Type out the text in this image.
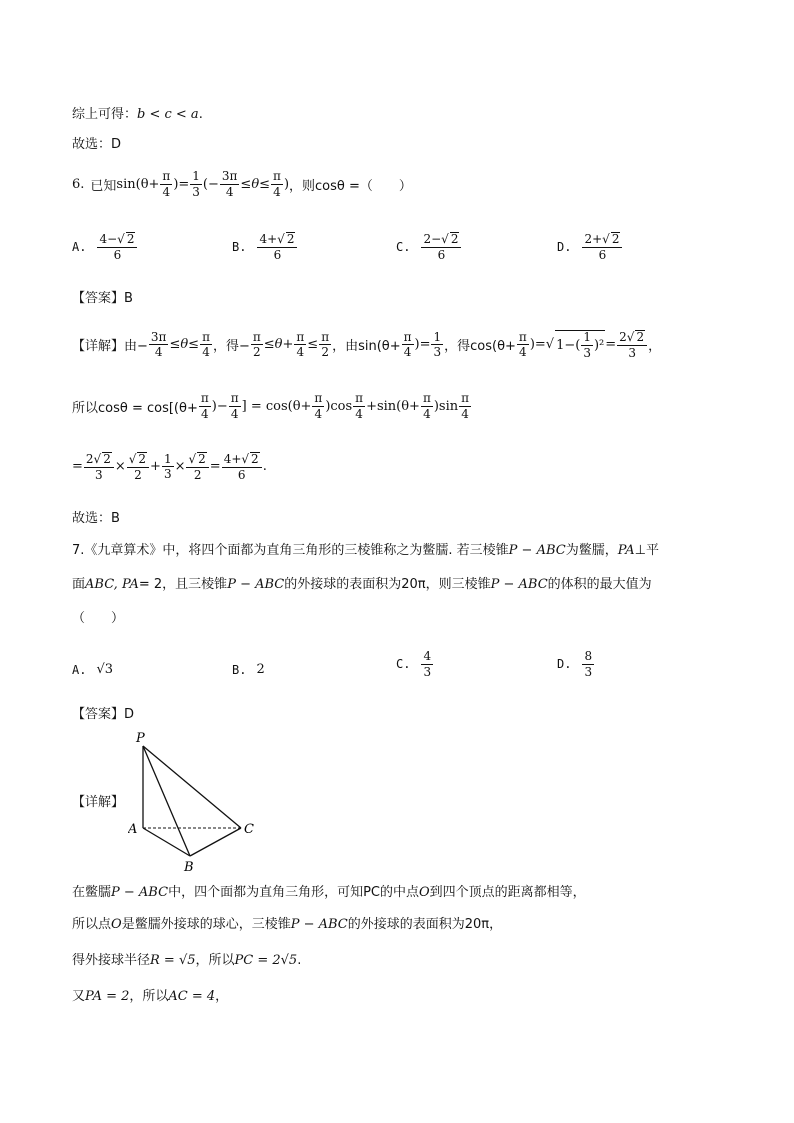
综上可得：b < c < a.
故选：D
6. 已知 $\sin(\theta+ \frac{\pi}{4}$ )= $\frac{1}{3}$ (− $\frac{3\pi}{4} \le\theta\le \frac{\pi}{4}$ ) ，则cosθ =（　　）
A. $\frac{4-√ 2}{6}$	B. $\frac{4+√ 2}{6}$	C. $\frac{2-√ 2}{6}$	D. $\frac{2+√ 2}{6}$
【答案】B
【详解】 由− $\frac{3\pi}{4} \le\theta\le \frac{\pi}{4}$ ，得− $\frac{\pi}{2} \le\theta+ \frac{\pi}{4} \le \frac{\pi}{2}$ ，由$\sin(\theta+ \frac{\pi}{4}$ )= $\frac{1}{3}$ ，得$\cos(\theta+ \frac{\pi}{4}$ )= √ $1-( \frac{1}{3} )^2 = \frac{2√ 2}{3}$ ，
所以$\cos\theta = \cos[(\theta+ \frac{\pi}{4}$ )− $\frac{\pi}{4}$ ] = $\cos(\theta+ \frac{\pi}{4} )\cos \frac{\pi}{4} +\sin(\theta+ \frac{\pi}{4} )\sin \frac{\pi}{4}$
= $\frac{2√ 2}{3} \times \frac{√ 2}{2} + \frac{1}{3} \times \frac{√ 2}{2} = \frac{4+√ 2}{6}$ .
故选：B
7.《九章算术》中，将四个面都为直角三角形的三棱锥称之为鳖臑. 若三棱锥P − ABC为鳖臑，PA⊥平
面ABC, PA= 2，且三棱锥P − ABC的外接球的表面积为20π，则三棱锥P − ABC的体积的最大值为
（　　）
A. √3	B. 2	C. $\frac{4}{3}$	D. $\frac{8}{3}$
【答案】D
【详解】
P
A
B
C
在鳖臑P − ABC中，四个面都为直角三角形，可知PC的中点O到四个顶点的距离都相等，
所以点O是鳖臑外接球的球心，三棱锥P − ABC的外接球的表面积为20π，
得外接球半径R = √5，所以PC = 2√5.
又PA = 2，所以AC = 4，
